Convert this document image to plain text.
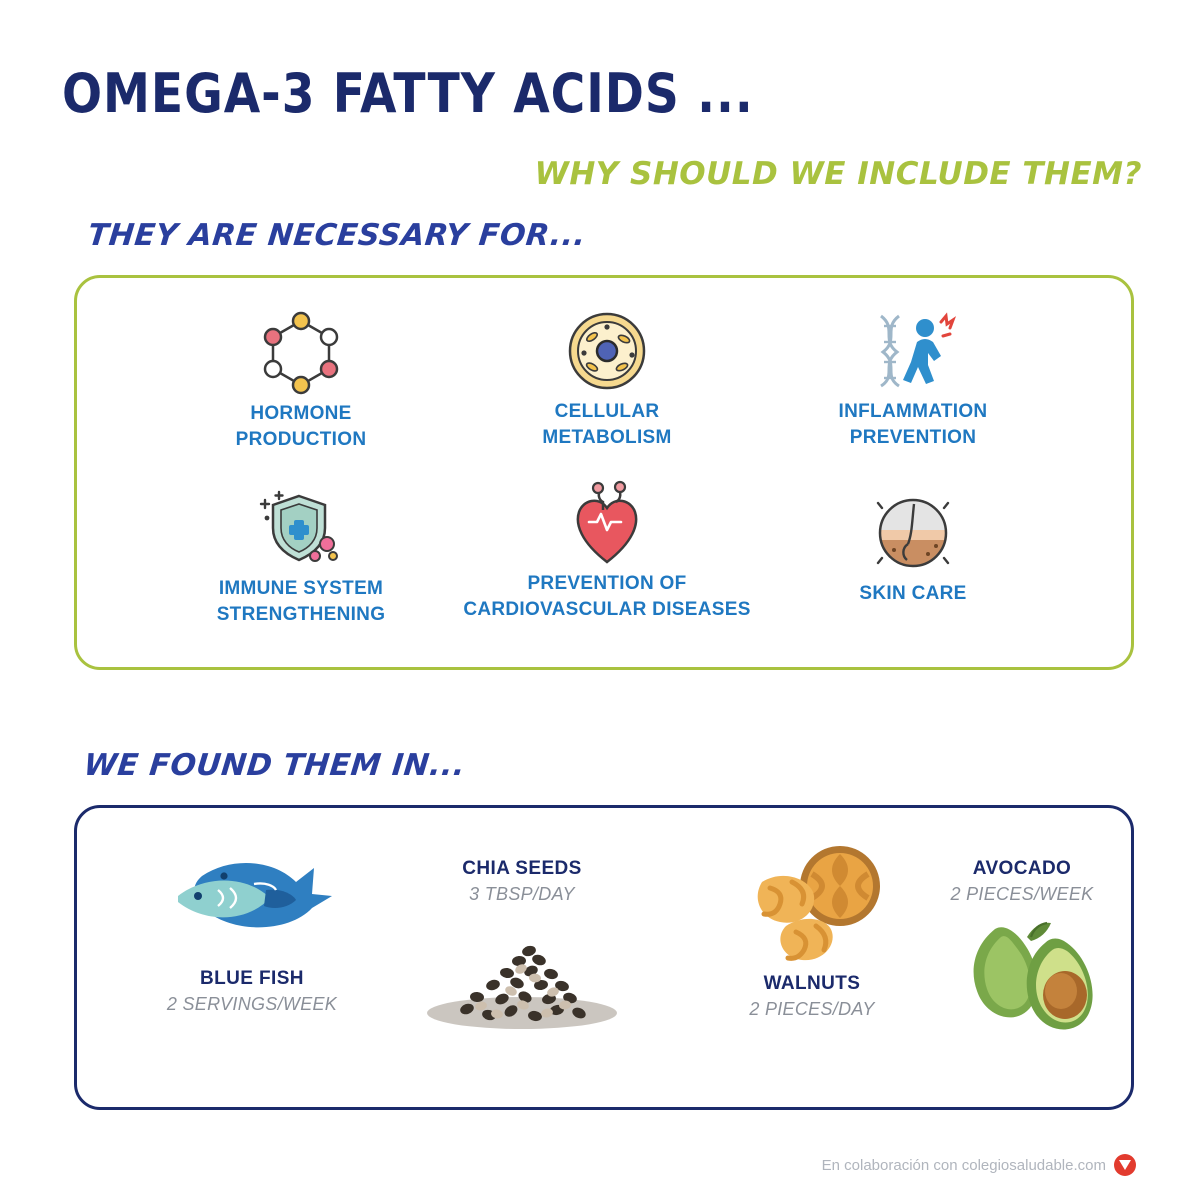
OMEGA-3 FATTY ACIDS ...
WHY SHOULD WE INCLUDE THEM?
THEY ARE NECESSARY FOR...
HORMONE
PRODUCTION
CELLULAR
METABOLISM
INFLAMMATION
PREVENTION
IMMUNE SYSTEM
STRENGTHENING
PREVENTION OF
CARDIOVASCULAR DISEASES
SKIN CARE
WE FOUND THEM IN...
BLUE FISH
2 SERVINGS/WEEK
CHIA SEEDS
3 TBSP/DAY
WALNUTS
2 PIECES/DAY
AVOCADO
2 PIECES/WEEK
En colaboración con colegiosaludable.com
